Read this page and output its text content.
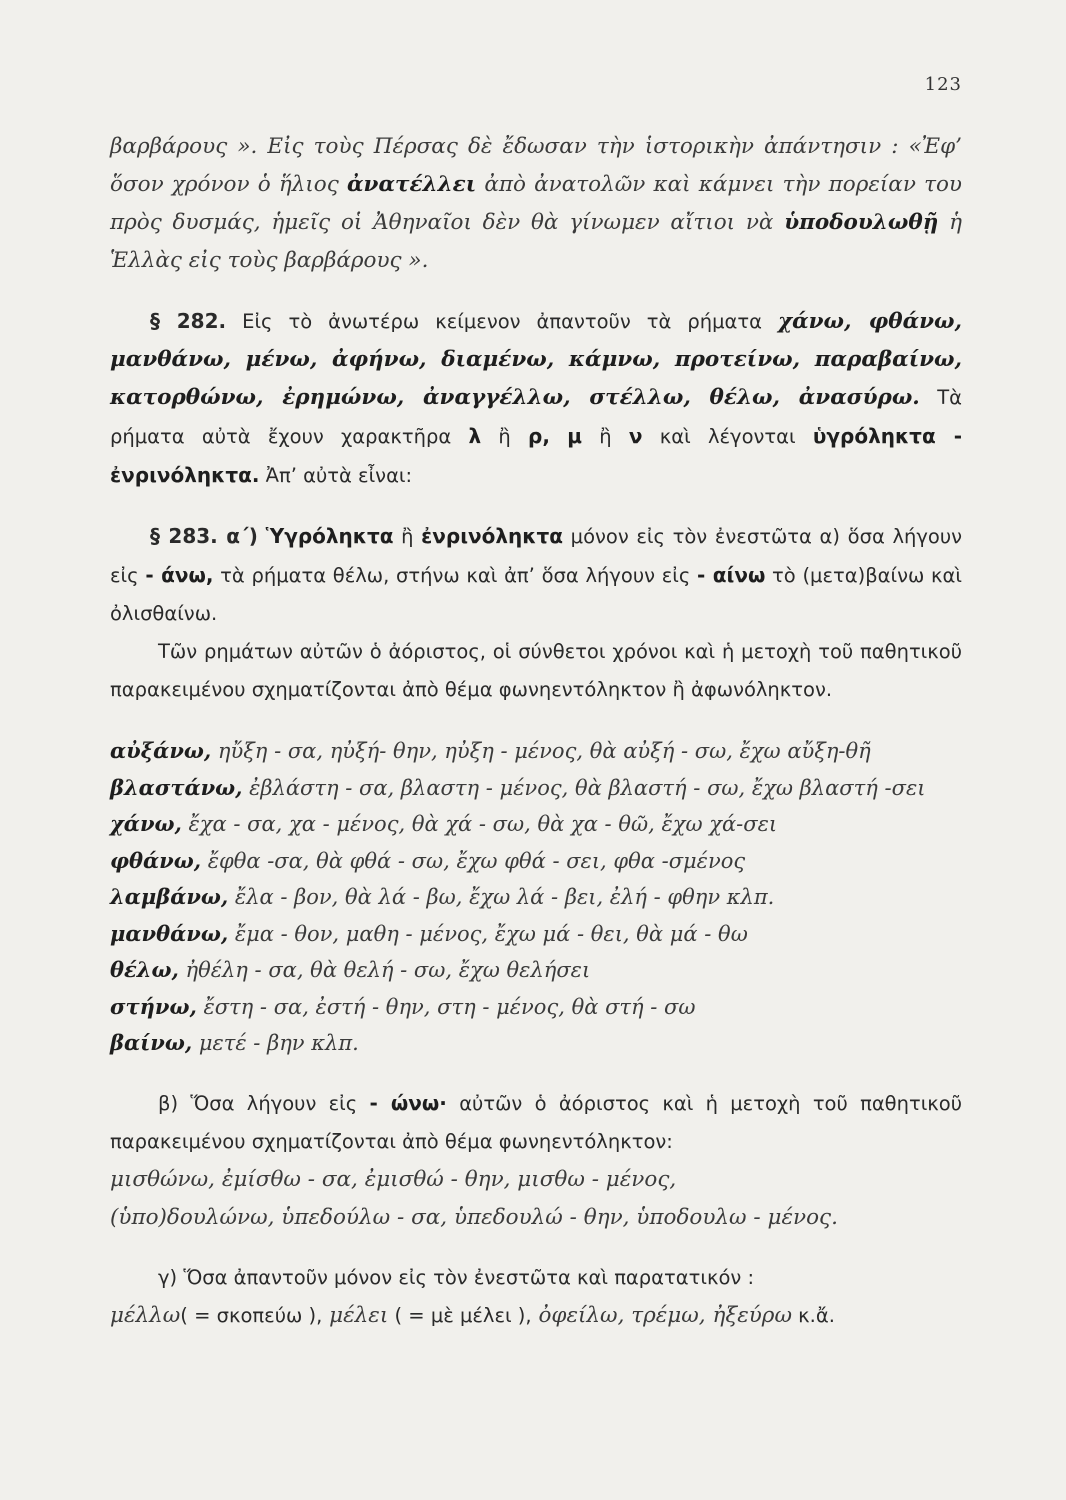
123

βαρβάρους ». Εἰς τοὺς Πέρσας δὲ ἔδωσαν τὴν ἱστορικὴν ἀπάντησιν : «Ἐφ’ ὅσον χρόνον ὁ ἥλιος ἀνατέλλει ἀπὸ ἀνατολῶν καὶ κάμνει τὴν πορείαν του πρὸς δυσμάς, ἡμεῖς οἱ Ἀθηναῖοι δὲν θὰ γίνωμεν αἴτιοι νὰ ὑποδουλωθῇ ἡ Ἑλλὰς εἰς τοὺς βαρβάρους ».

§ 282. Εἰς τὸ ἀνωτέρω κείμενον ἀπαντοῦν τὰ ρήματα χάνω, φθάνω, μανθάνω, μένω, ἀφήνω, διαμένω, κάμνω, προτείνω, παραβαίνω, κατορθώνω, ἐρημώνω, ἀναγγέλλω, στέλλω, θέλω, ἀνασύρω. Τὰ ρήματα αὐτὰ ἔχουν χαρακτῆρα λ ἢ ρ, μ ἢ ν καὶ λέγονται ὑγρόληκτα - ἐνρινόληκτα. Ἀπ’ αὐτὰ εἶναι:

§ 283. α΄) Ὑγρόληκτα ἢ ἐνρινόληκτα μόνον εἰς τὸν ἐνεστῶτα α) ὅσα λήγουν εἰς - άνω, τὰ ρήματα θέλω, στήνω καὶ ἀπ’ ὅσα λήγουν εἰς - αίνω τὸ (μετα)βαίνω καὶ ὀλισθαίνω.

Τῶν ρημάτων αὐτῶν ὁ ἀόριστος, οἱ σύνθετοι χρόνοι καὶ ἡ μετοχὴ τοῦ παθητικοῦ παρακειμένου σχηματίζονται ἀπὸ θέμα φωνηεντόληκτον ἢ ἀφωνόληκτον.

αὐξάνω, ηὔξη - σα, ηὐξή- θην, ηὐξη - μένος, θὰ αὐξή - σω, ἔχω αὔξη-θῆ
βλαστάνω, ἐβλάστη - σα, βλαστη - μένος, θὰ βλαστή - σω, ἔχω βλαστή -σει
χάνω, ἔχα - σα, χα - μένος, θὰ χά - σω, θὰ χα - θῶ, ἔχω χά-σει
φθάνω, ἔφθα -σα, θὰ φθά - σω, ἔχω φθά - σει, φθα -σμένος
λαμβάνω, ἔλα - βον, θὰ λά - βω, ἔχω λά - βει, ἐλή - φθην κλπ.
μανθάνω, ἔμα - θον, μαθη - μένος, ἔχω μά - θει, θὰ μά - θω
θέλω, ἠθέλη - σα, θὰ θελή - σω, ἔχω θελήσει
στήνω, ἔστη - σα, ἐστή - θην, στη - μένος, θὰ στή - σω
βαίνω, μετέ - βην κλπ.

β) Ὅσα λήγουν εἰς - ώνω· αὐτῶν ὁ ἀόριστος καὶ ἡ μετοχὴ τοῦ παθητικοῦ παρακειμένου σχηματίζονται ἀπὸ θέμα φωνηεντόληκτον:

μισθώνω, ἐμίσθω - σα, ἐμισθώ - θην, μισθω - μένος,

(ὑπο)δουλώνω, ὑπεδούλω - σα, ὑπεδουλώ - θην, ὑποδουλω - μένος.

γ) Ὅσα ἀπαντοῦν μόνον εἰς τὸν ἐνεστῶτα καὶ παρατατικόν :

μέλλω( = σκοπεύω ), μέλει ( = μὲ μέλει ), ὀφείλω, τρέμω, ἠξεύρω κ.ἄ.
